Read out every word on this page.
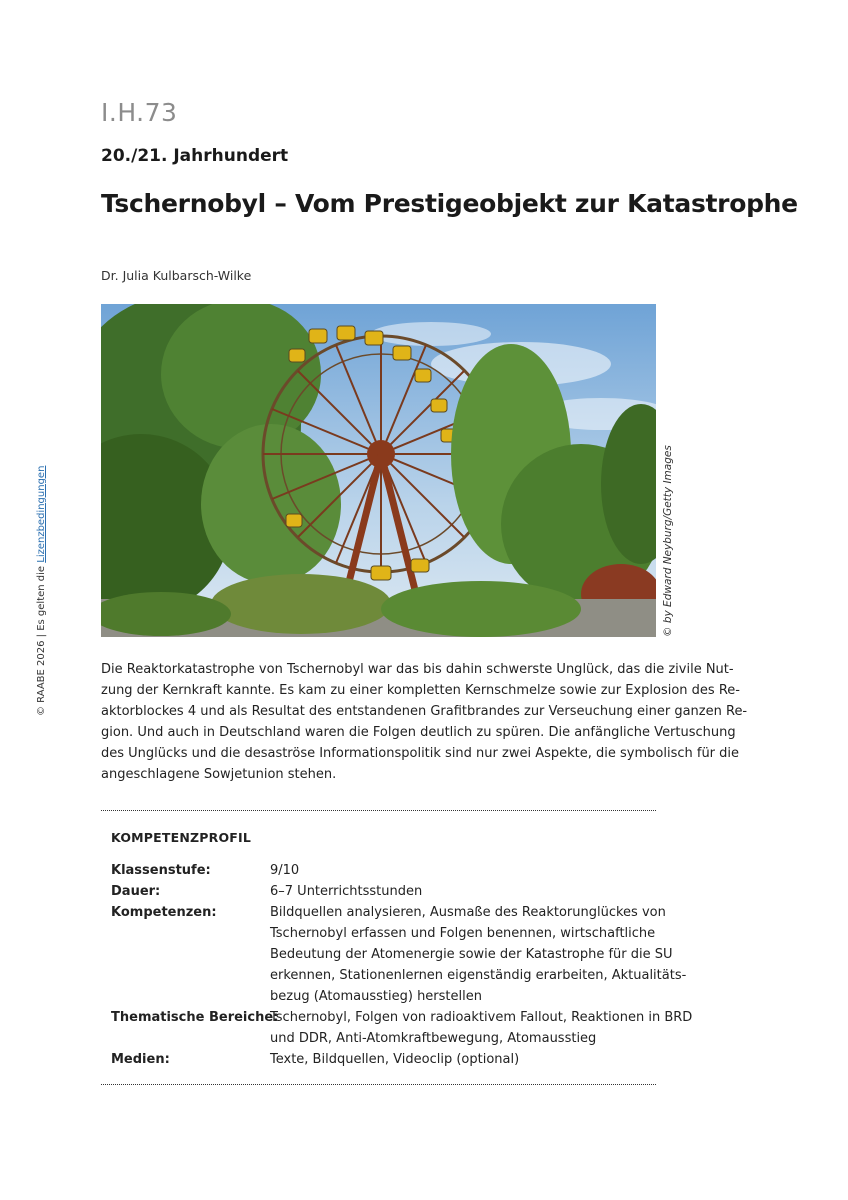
I.H.73
20./21. Jahrhundert
Tschernobyl – Vom Prestigeobjekt zur Katastrophe
Dr. Julia Kulbarsch-Wilke
© by Edward Neyburg/Getty Images
© RAABE 2026 | Es gelten die Lizenzbedingungen
Die Reaktorkatastrophe von Tschernobyl war das bis dahin schwerste Unglück, das die zivile Nut-
zung der Kernkraft kannte. Es kam zu einer kompletten Kernschmelze sowie zur Explosion des Re-
aktorblockes 4 und als Resultat des entstandenen Grafitbrandes zur Verseuchung einer ganzen Re-
gion. Und auch in Deutschland waren die Folgen deutlich zu spüren. Die anfängliche Vertuschung
des Unglücks und die desaströse Informationspolitik sind nur zwei Aspekte, die symbolisch für die
angeschlagene Sowjetunion stehen.
KOMPETENZPROFIL
Klassenstufe:	9/10
Dauer:	6–7 Unterrichtsstunden
Kompetenzen:	Bildquellen analysieren, Ausmaße des Reaktorunglückes von
Tschernobyl erfassen und Folgen benennen, wirtschaftliche
Bedeutung der Atomenergie sowie der Katastrophe für die SU
erkennen, Stationenlernen eigenständig erarbeiten, Aktualitäts-
bezug (Atomausstieg) herstellen
Thematische Bereiche:
Tschernobyl, Folgen von radioaktivem Fallout, Reaktionen in BRD
und DDR, Anti-Atomkraftbewegung, Atomausstieg
Medien:	Texte, Bildquellen, Videoclip (optional)
